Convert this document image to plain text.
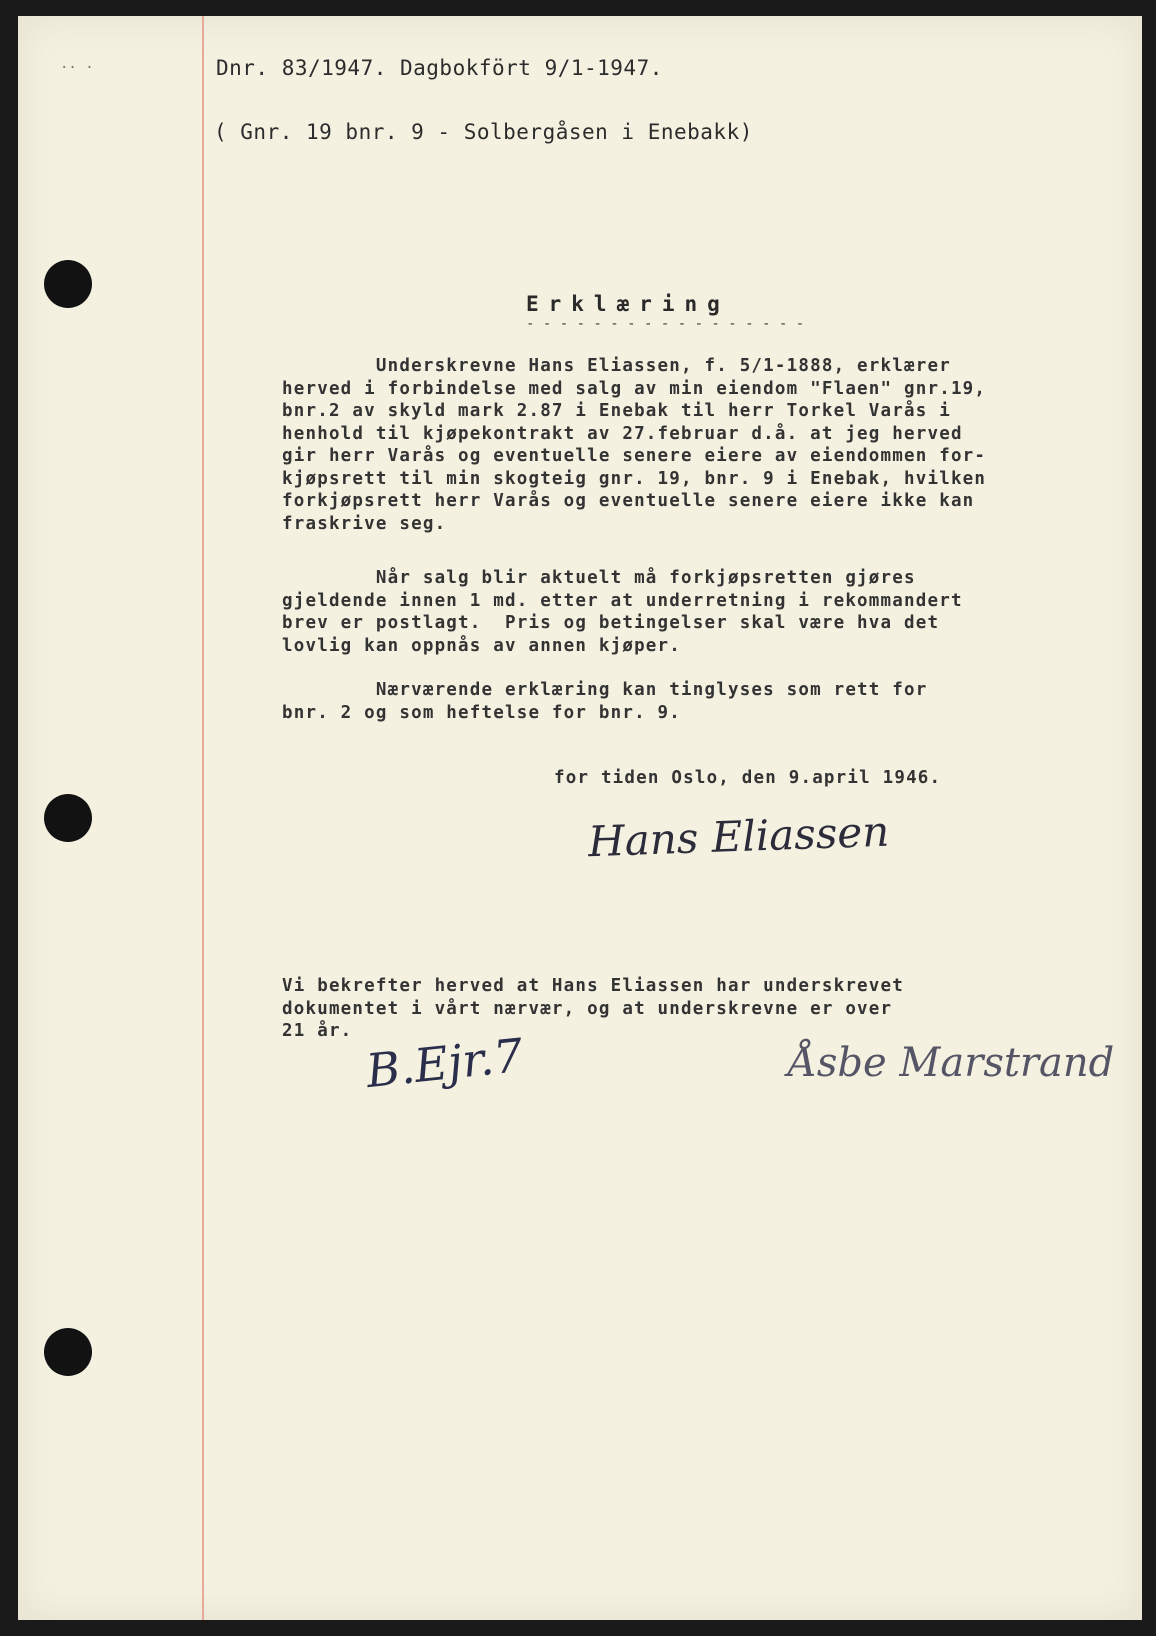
·· ·	Dnr. 83/1947. Dagbokfört 9/1-1947.
( Gnr. 19 bnr. 9 - Solbergåsen i Enebakk)
Erklæring
- - - - - - - - - - - - - - - - -
Underskrevne Hans Eliassen, f. 5/1-1888, erklærer
herved i forbindelse med salg av min eiendom "Flaen" gnr.19,
bnr.2 av skyld mark 2.87 i Enebak til herr Torkel Varås i
henhold til kjøpekontrakt av 27.februar d.å. at jeg herved
gir herr Varås og eventuelle senere eiere av eiendommen for-
kjøpsrett til min skogteig gnr. 19, bnr. 9 i Enebak, hvilken
forkjøpsrett herr Varås og eventuelle senere eiere ikke kan
fraskrive seg.
Når salg blir aktuelt må forkjøpsretten gjøres
gjeldende innen 1 md. etter at underretning i rekommandert
brev er postlagt.  Pris og betingelser skal være hva det
lovlig kan oppnås av annen kjøper.
Nærværende erklæring kan tinglyses som rett for
bnr. 2 og som heftelse for bnr. 9.
for tiden Oslo, den 9.april 1946.
Hans Eliassen
Vi bekrefter herved at Hans Eliassen har underskrevet
dokumentet i vårt nærvær, og at underskrevne er over
21 år. B.Ejr.7	Åsbe Marstrand
